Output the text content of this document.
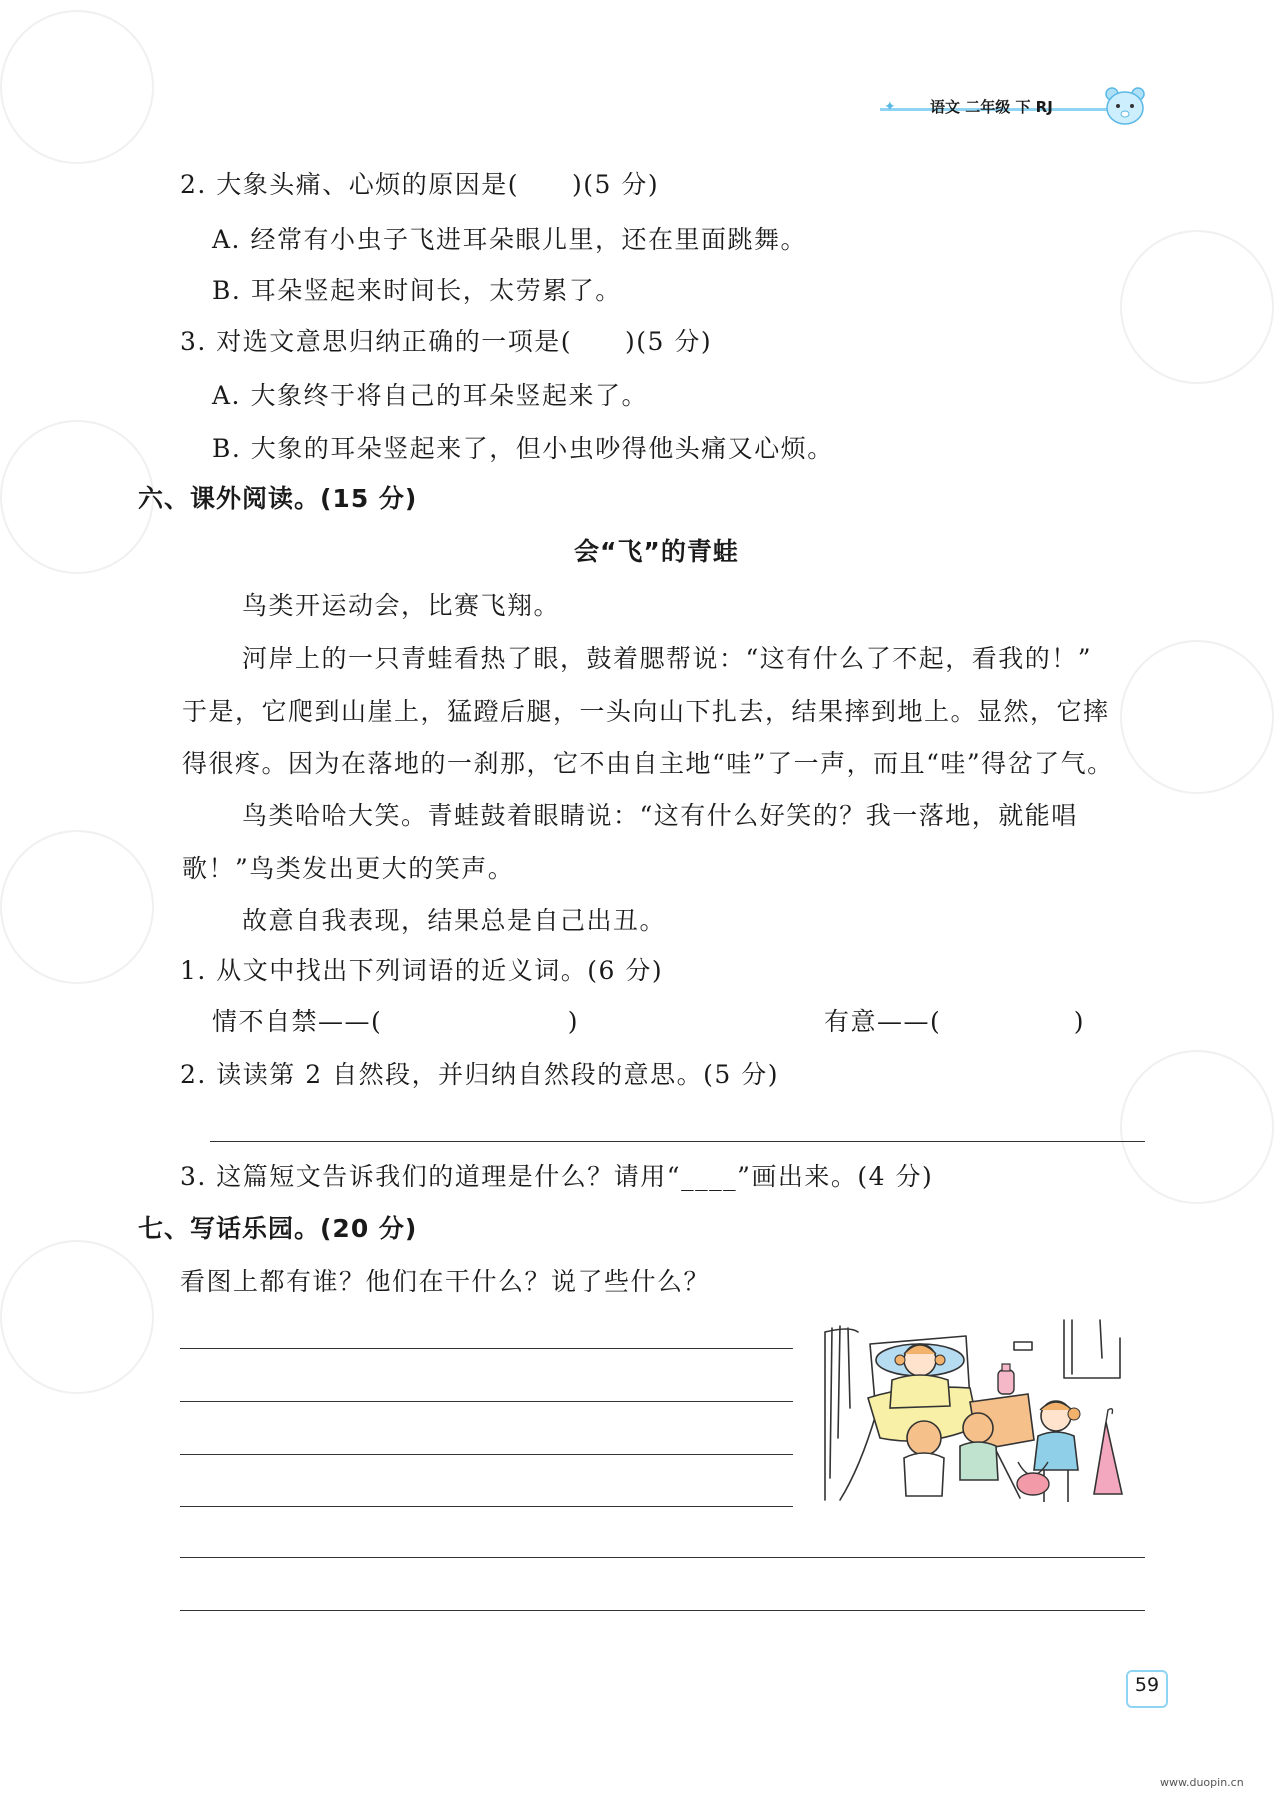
✦ 语文 二年级 下 RJ
2. 大象头痛、心烦的原因是(　　)(5 分)
A. 经常有小虫子飞进耳朵眼儿里，还在里面跳舞。
B. 耳朵竖起来时间长，太劳累了。
3. 对选文意思归纳正确的一项是(　　)(5 分)
A. 大象终于将自己的耳朵竖起来了。
B. 大象的耳朵竖起来了，但小虫吵得他头痛又心烦。
六、课外阅读。(15 分)
会“飞”的青蛙
鸟类开运动会，比赛飞翔。
河岸上的一只青蛙看热了眼，鼓着腮帮说：“这有什么了不起，看我的！”
于是，它爬到山崖上，猛蹬后腿，一头向山下扎去，结果摔到地上。显然，它摔
得很疼。因为在落地的一刹那，它不由自主地“哇”了一声，而且“哇”得岔了气。
鸟类哈哈大笑。青蛙鼓着眼睛说：“这有什么好笑的？我一落地，就能唱
歌！”鸟类发出更大的笑声。
故意自我表现，结果总是自己出丑。
1. 从文中找出下列词语的近义词。(6 分)
情不自禁——(　　　　　　　)	有意——(　　　　　)
2. 读读第 2 自然段，并归纳自然段的意思。(5 分)
3. 这篇短文告诉我们的道理是什么？请用“____”画出来。(4 分)
七、写话乐园。(20 分)
看图上都有谁？他们在干什么？说了些什么？
59
www.duopin.cn
